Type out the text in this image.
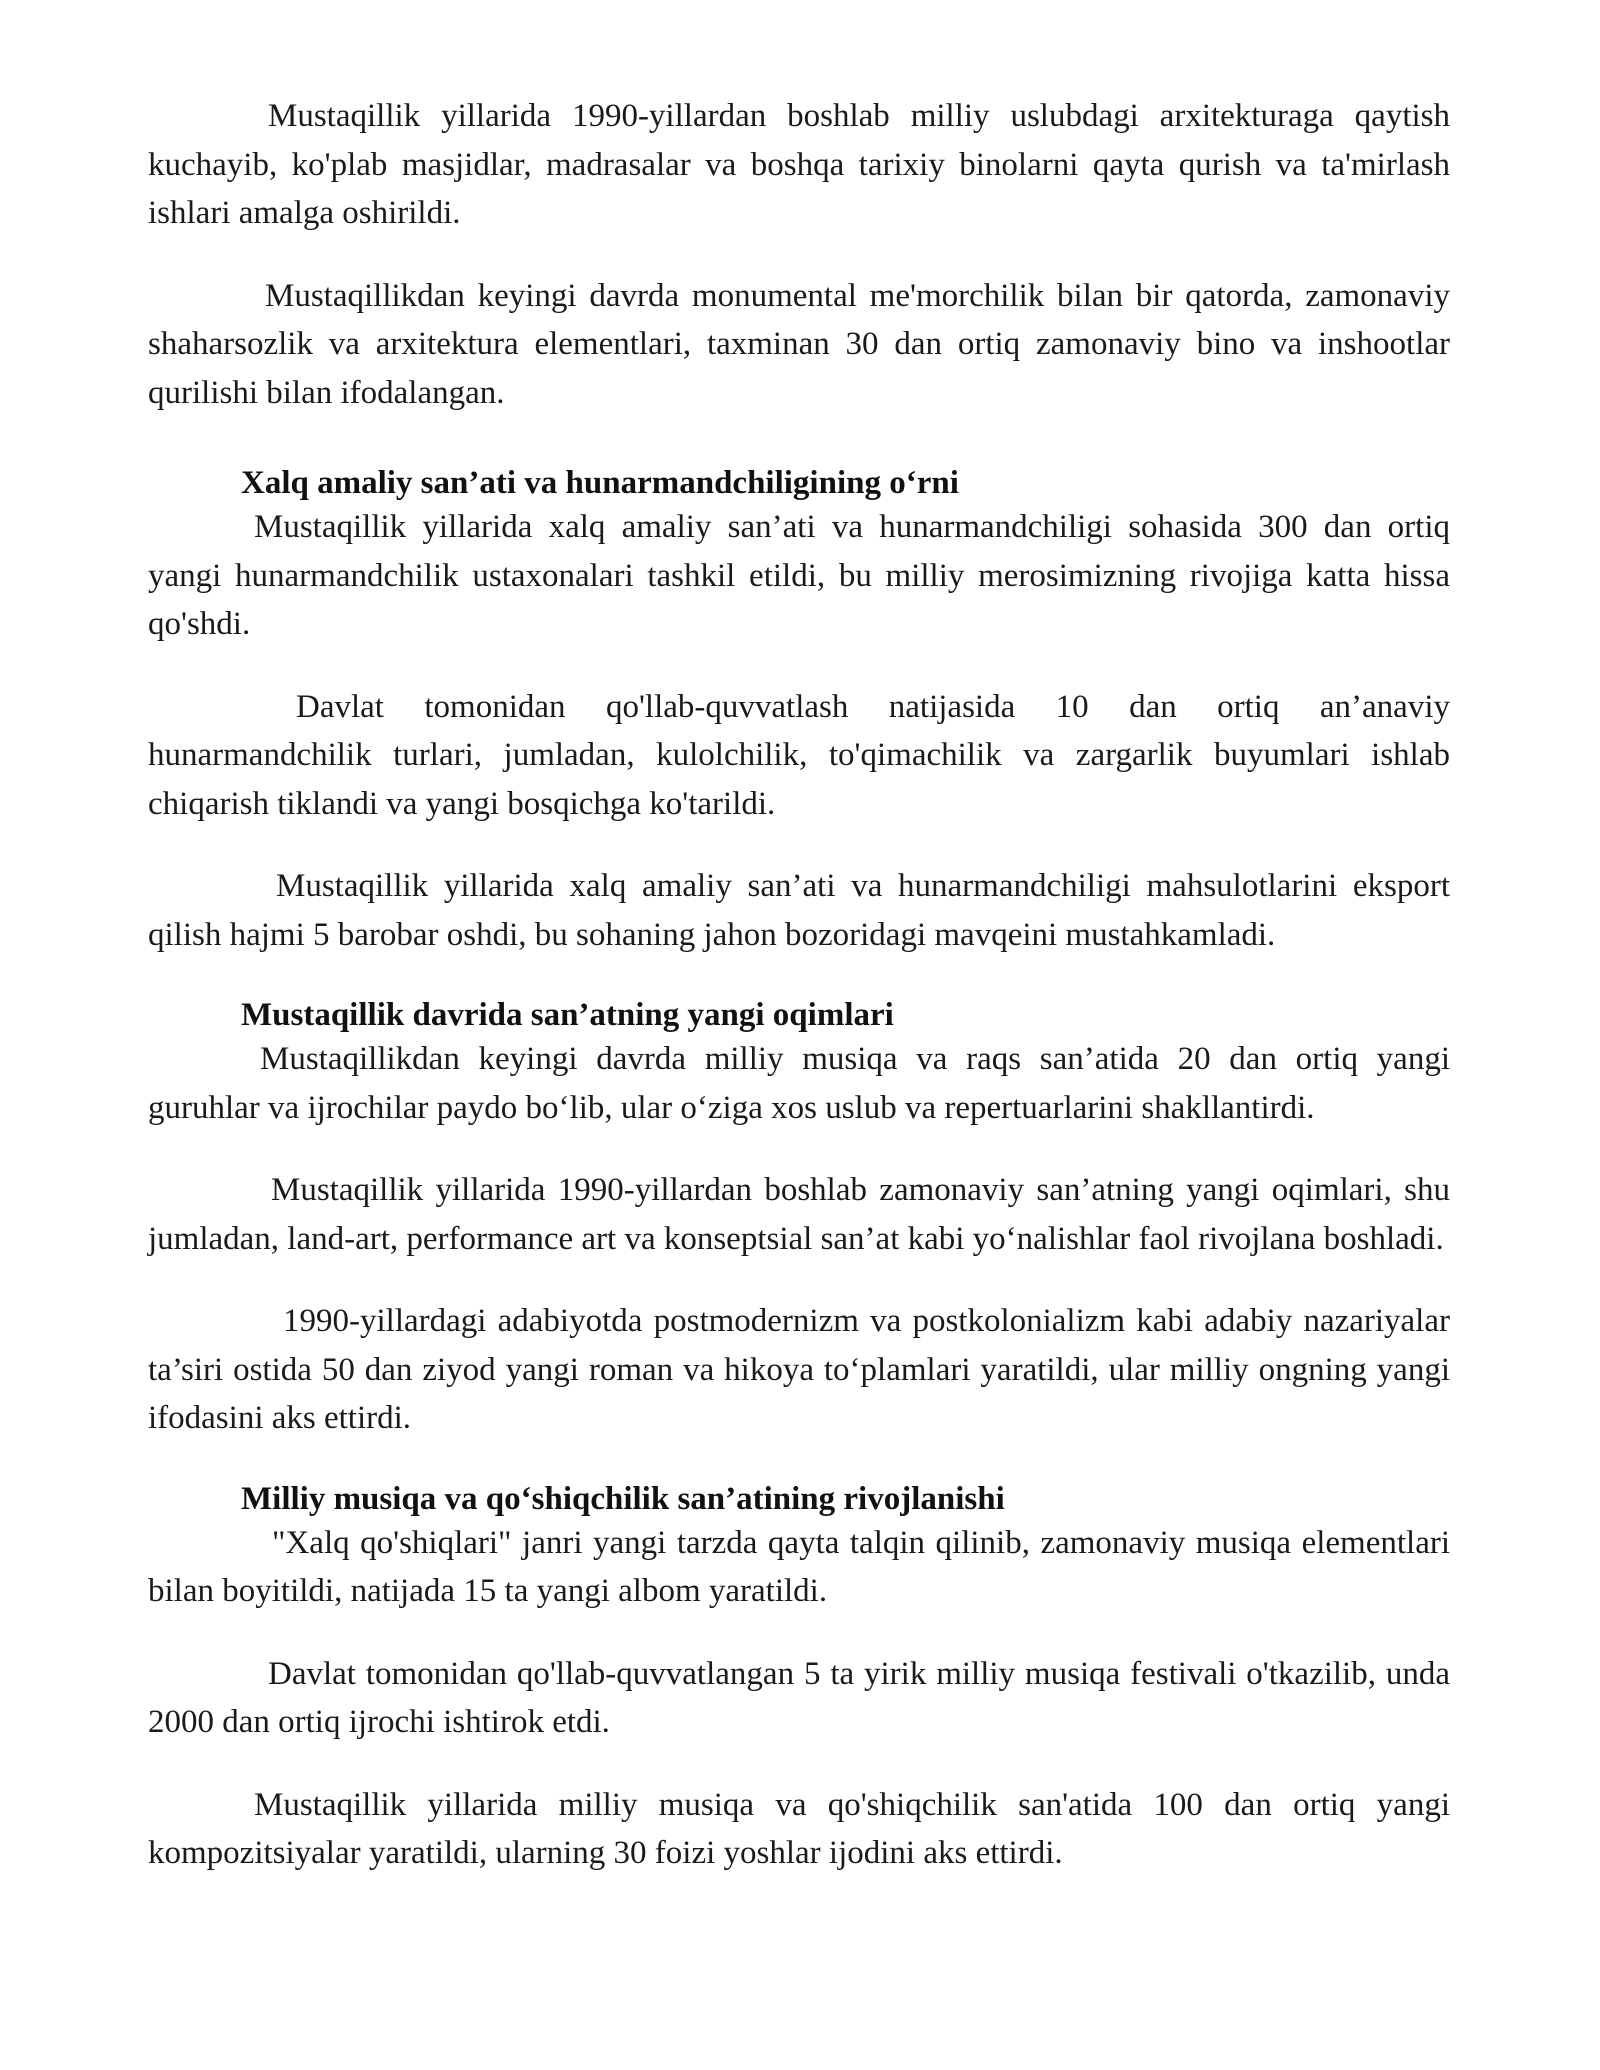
Mustaqillik yillarida 1990-yillardan boshlab milliy uslubdagi arxitekturaga qaytish kuchayib, ko'plab masjidlar, madrasalar va boshqa tarixiy binolarni qayta qurish va ta'mirlash ishlari amalga oshirildi.

Mustaqillikdan keyingi davrda monumental me'morchilik bilan bir qatorda, zamonaviy shaharsozlik va arxitektura elementlari, taxminan 30 dan ortiq zamonaviy bino va inshootlar qurilishi bilan ifodalangan.

Xalq amaliy san’ati va hunarmandchiligining o‘rni

Mustaqillik yillarida xalq amaliy san’ati va hunarmandchiligi sohasida 300 dan ortiq yangi hunarmandchilik ustaxonalari tashkil etildi, bu milliy merosimizning rivojiga katta hissa qo'shdi.

Davlat tomonidan qo'llab-quvvatlash natijasida 10 dan ortiq an’anaviy hunarmandchilik turlari, jumladan, kulolchilik, to'qimachilik va zargarlik buyumlari ishlab chiqarish tiklandi va yangi bosqichga ko'tarildi.

Mustaqillik yillarida xalq amaliy san’ati va hunarmandchiligi mahsulotlarini eksport qilish hajmi 5 barobar oshdi, bu sohaning jahon bozoridagi mavqeini mustahkamladi.

Mustaqillik davrida san’atning yangi oqimlari

Mustaqillikdan keyingi davrda milliy musiqa va raqs san’atida 20 dan ortiq yangi guruhlar va ijrochilar paydo bo‘lib, ular o‘ziga xos uslub va repertuarlarini shakllantirdi.

Mustaqillik yillarida 1990-yillardan boshlab zamonaviy san’atning yangi oqimlari, shu jumladan, land-art, performance art va konseptsial san’at kabi yo‘nalishlar faol rivojlana boshladi.

1990-yillardagi adabiyotda postmodernizm va postkolonializm kabi adabiy nazariyalar ta’siri ostida 50 dan ziyod yangi roman va hikoya to‘plamlari yaratildi, ular milliy ongning yangi ifodasini aks ettirdi.

Milliy musiqa va qo‘shiqchilik san’atining rivojlanishi

"Xalq qo'shiqlari" janri yangi tarzda qayta talqin qilinib, zamonaviy musiqa elementlari bilan boyitildi, natijada 15 ta yangi albom yaratildi.

Davlat tomonidan qo'llab-quvvatlangan 5 ta yirik milliy musiqa festivali o'tkazilib, unda 2000 dan ortiq ijrochi ishtirok etdi.

Mustaqillik yillarida milliy musiqa va qo'shiqchilik san'atida 100 dan ortiq yangi kompozitsiyalar yaratildi, ularning 30 foizi yoshlar ijodini aks ettirdi.
